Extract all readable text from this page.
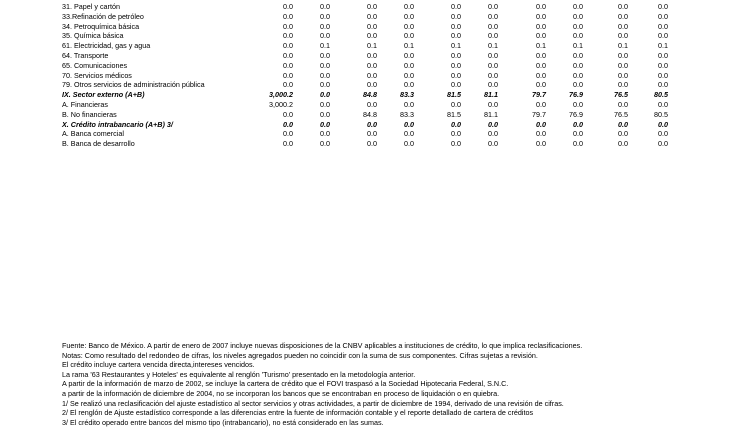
31. Papel y cartón	0.0	0.0	0.0	0.0	0.0	0.0	0.0	0.0	0.0	0.0
33.Refinación de petróleo	0.0	0.0	0.0	0.0	0.0	0.0	0.0	0.0	0.0	0.0
34. Petroquímica básica	0.0	0.0	0.0	0.0	0.0	0.0	0.0	0.0	0.0	0.0
35. Química básica	0.0	0.0	0.0	0.0	0.0	0.0	0.0	0.0	0.0	0.0
61. Electricidad, gas y agua	0.0	0.1	0.1	0.1	0.1	0.1	0.1	0.1	0.1	0.1
64. Transporte	0.0	0.0	0.0	0.0	0.0	0.0	0.0	0.0	0.0	0.0
65. Comunicaciones	0.0	0.0	0.0	0.0	0.0	0.0	0.0	0.0	0.0	0.0
70. Servicios médicos	0.0	0.0	0.0	0.0	0.0	0.0	0.0	0.0	0.0	0.0
79. Otros servicios de administración pública	0.0	0.0	0.0	0.0	0.0	0.0	0.0	0.0	0.0	0.0
IX. Sector externo (A+B)	3,000.2	0.0	84.8	83.3	81.5	81.1	79.7	76.9	76.5	80.5
A. Financieras	3,000.2	0.0	0.0	0.0	0.0	0.0	0.0	0.0	0.0	0.0
B. No financieras	0.0	0.0	84.8	83.3	81.5	81.1	79.7	76.9	76.5	80.5
X. Crédito intrabancario (A+B) 3/	0.0	0.0	0.0	0.0	0.0	0.0	0.0	0.0	0.0	0.0
A. Banca comercial	0.0	0.0	0.0	0.0	0.0	0.0	0.0	0.0	0.0	0.0
B. Banca de desarrollo	0.0	0.0	0.0	0.0	0.0	0.0	0.0	0.0	0.0	0.0
Fuente: Banco de México. A partir de enero de 2007 incluye nuevas disposiciones de la CNBV aplicables a instituciones de crédito, lo que implica reclasificaciones.
Notas: Como resultado del redondeo de cifras, los niveles agregados pueden no coincidir con la suma de sus componentes. Cifras sujetas a revisión.
El crédito incluye cartera vencida directa,intereses vencidos.
La rama '63 Restaurantes y Hoteles' es equivalente al renglón 'Turismo' presentado en la metodología anterior.
A partir de la información de marzo de 2002, se incluye la cartera de crédito que el FOVI traspasó a la Sociedad Hipotecaria Federal, S.N.C.
a partir de la información de diciembre de 2004, no se incorporan los bancos que se encontraban en proceso de liquidación o en quiebra.
1/ Se realizó una reclasificación del ajuste estadístico al sector servicios y otras actividades, a partir de diciembre de 1994, derivado de una revisión de cifras.
2/ El renglón de Ajuste estadístico corresponde a las diferencias entre la fuente de información contable y el reporte detallado de cartera de créditos
3/ El crédito operado entre bancos del mismo tipo (intrabancario), no está considerado en las sumas.
